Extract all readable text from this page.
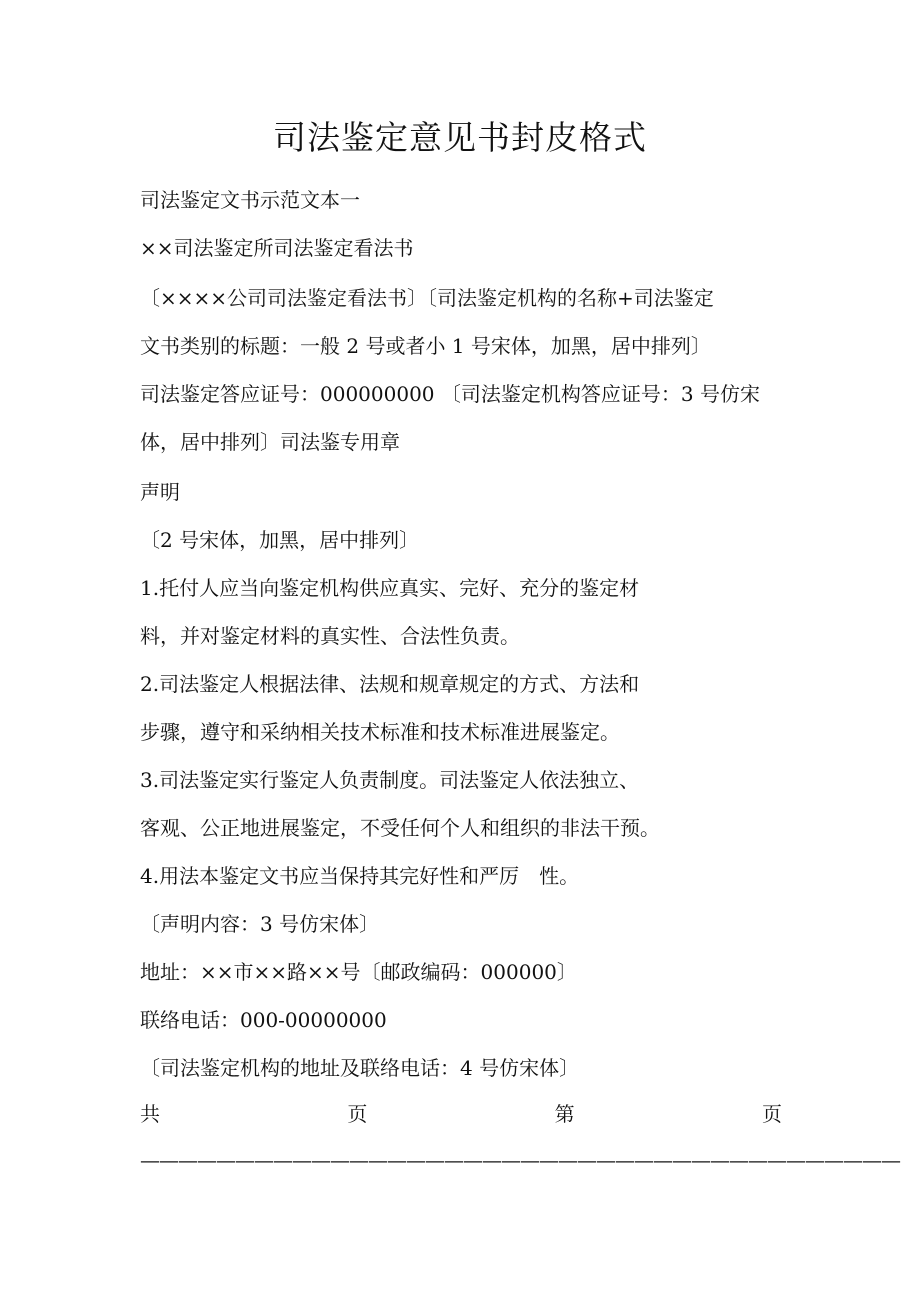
司法鉴定意见书封皮格式

司法鉴定文书示范文本一

××司法鉴定所司法鉴定看法书

〔××××公司司法鉴定看法书〕〔司法鉴定机构的名称+司法鉴定

文书类别的标题：一般 2 号或者小 1 号宋体，加黑，居中排列〕

司法鉴定答应证号：000000000 〔司法鉴定机构答应证号：3 号仿宋

体，居中排列〕司法鉴专用章

声明

〔2 号宋体，加黑，居中排列〕

1.托付人应当向鉴定机构供应真实、完好、充分的鉴定材

料，并对鉴定材料的真实性、合法性负责。

2.司法鉴定人根据法律、法规和规章规定的方式、方法和

步骤，遵守和采纳相关技术标准和技术标准进展鉴定。

3.司法鉴定实行鉴定人负责制度。司法鉴定人依法独立、

客观、公正地进展鉴定，不受任何个人和组织的非法干预。

4.用法本鉴定文书应当保持其完好性和严厉　性。

〔声明内容：3 号仿宋体〕

地址：××市××路××号〔邮政编码：000000〕

联络电话：000-00000000

〔司法鉴定机构的地址及联络电话：4 号仿宋体〕

共	页	第	页
————————————————————————————————————————
